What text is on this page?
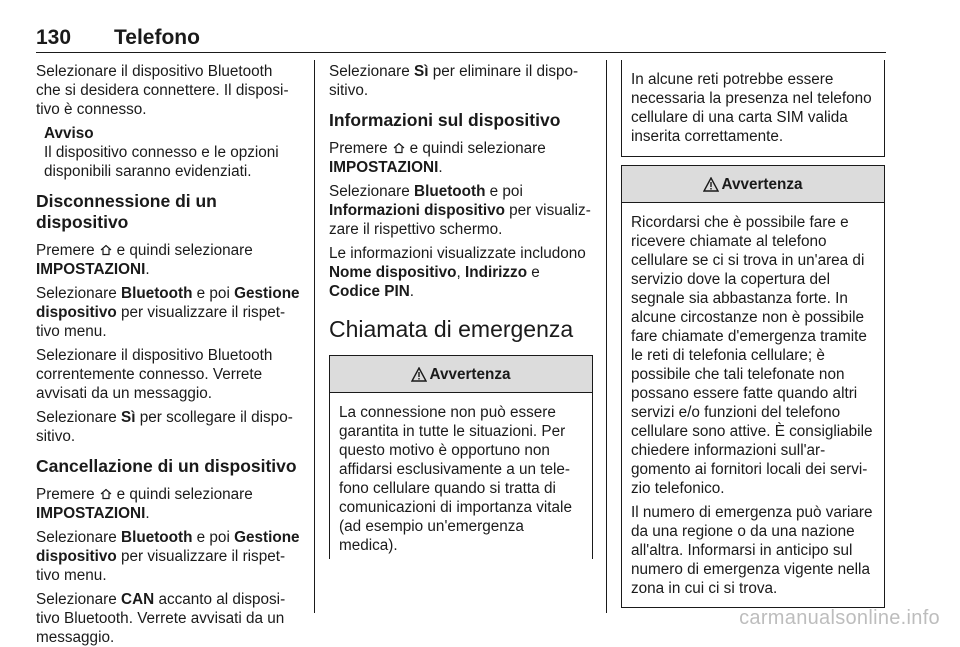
130 Telefono

Selezionare il dispositivo Bluetooth che si desidera connettere. Il dispositivo è connesso.

Avviso
Il dispositivo connesso e le opzioni disponibili saranno evidenziati.
Disconnessione di un dispositivo

Premere e quindi selezionare IMPOSTAZIONI.

Selezionare Bluetooth e poi Gestione dispositivo per visualizzare il rispettivo menu.

Selezionare il dispositivo Bluetooth correntemente connesso. Verrete avvisati da un messaggio.

Selezionare Sì per scollegare il dispositivo.

Cancellazione di un dispositivo

Premere e quindi selezionare IMPOSTAZIONI.

Selezionare Bluetooth e poi Gestione dispositivo per visualizzare il rispettivo menu.

Selezionare CAN accanto al dispositivo Bluetooth. Verrete avvisati da un messaggio.

Selezionare Sì per eliminare il dispositivo.

Informazioni sul dispositivo

Premere e quindi selezionare IMPOSTAZIONI.

Selezionare Bluetooth e poi Informazioni dispositivo per visualizzare il rispettivo schermo.

Le informazioni visualizzate includono Nome dispositivo, Indirizzo e Codice PIN.

Chiamata di emergenza
Avvertenza
La connessione non può essere garantita in tutte le situazioni. Per questo motivo è opportuno non affidarsi esclusivamente a un telefono cellulare quando si tratta di comunicazioni di importanza vitale (ad esempio un'emergenza medica).
In alcune reti potrebbe essere necessaria la presenza nel telefono cellulare di una carta SIM valida inserita correttamente.
Avvertenza

Ricordarsi che è possibile fare e ricevere chiamate al telefono cellulare se ci si trova in un'area di servizio dove la copertura del segnale sia abbastanza forte. In alcune circostanze non è possibile fare chiamate d'emergenza tramite le reti di telefonia cellulare; è possibile che tali telefonate non possano essere fatte quando altri servizi e/o funzioni del telefono cellulare sono attive. È consigliabile chiedere informazioni sull'argomento ai fornitori locali dei servizio telefonico.

Il numero di emergenza può variare da una regione o da una nazione all'altra. Informarsi in anticipo sul numero di emergenza vigente nella zona in cui ci si trova.

carmanualsonline.info
